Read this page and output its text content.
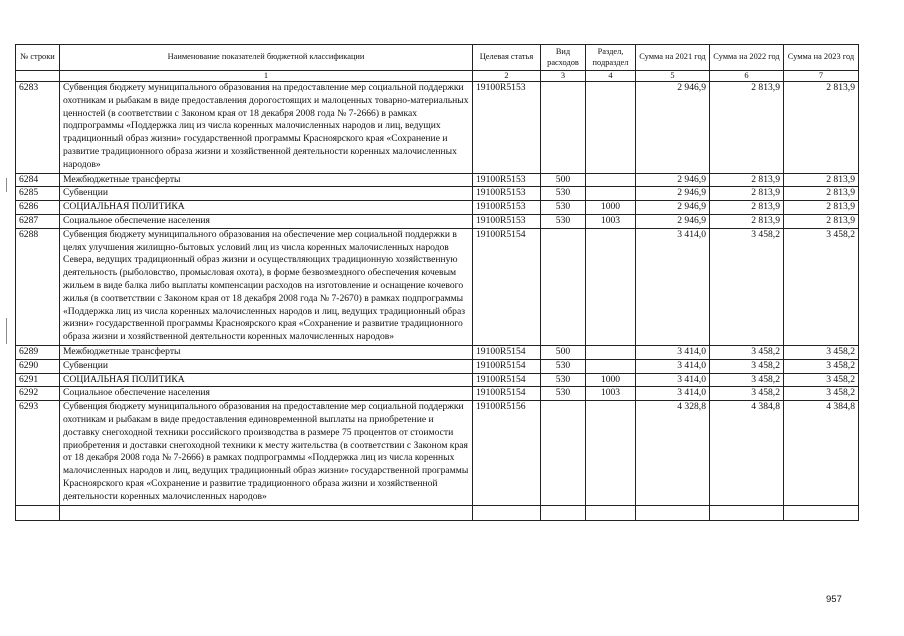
№ строки	Наименование показателей бюджетной классификации	Целевая статья	Вид расходов	Раздел, подраздел	Сумма на 2021 год	Сумма на 2022 год	Сумма на 2023 год
	1	2	3	4	5	6	7
6283	Субвенция бюджету муниципального образования на предоставление мер социальной поддержки охотникам и рыбакам в виде предоставления дорогостоящих и малоценных товарно-материальных ценностей (в соответствии с Законом края от 18 декабря 2008 года № 7-2666) в рамках подпрограммы «Поддержка лиц из числа коренных малочисленных народов и лиц, ведущих традиционный образ жизни» государственной программы Красноярского края «Сохранение и развитие традиционного образа жизни и хозяйственной деятельности коренных малочисленных народов»	19100R5153			2 946,9	2 813,9	2 813,9
6284	Межбюджетные трансферты	19100R5153	500		2 946,9	2 813,9	2 813,9
6285	Субвенции	19100R5153	530		2 946,9	2 813,9	2 813,9
6286	СОЦИАЛЬНАЯ ПОЛИТИКА	19100R5153	530	1000	2 946,9	2 813,9	2 813,9
6287	Социальное обеспечение населения	19100R5153	530	1003	2 946,9	2 813,9	2 813,9
6288	Субвенция бюджету муниципального образования на обеспечение мер социальной поддержки в целях улучшения жилищно-бытовых условий лиц из числа коренных малочисленных народов Севера, ведущих традиционный образ жизни и осуществляющих традиционную хозяйственную деятельность (рыболовство, промысловая охота), в форме безвозмездного обеспечения кочевым жильем в виде балка либо выплаты компенсации расходов на изготовление и оснащение кочевого жилья (в соответствии с Законом края от 18 декабря 2008 года № 7-2670) в рамках подпрограммы «Поддержка лиц из числа коренных малочисленных народов и лиц, ведущих традиционный образ жизни» государственной программы Красноярского края «Сохранение и развитие традиционного образа жизни и хозяйственной деятельности коренных малочисленных народов»	19100R5154			3 414,0	3 458,2	3 458,2
6289	Межбюджетные трансферты	19100R5154	500		3 414,0	3 458,2	3 458,2
6290	Субвенции	19100R5154	530		3 414,0	3 458,2	3 458,2
6291	СОЦИАЛЬНАЯ ПОЛИТИКА	19100R5154	530	1000	3 414,0	3 458,2	3 458,2
6292	Социальное обеспечение населения	19100R5154	530	1003	3 414,0	3 458,2	3 458,2
6293	Субвенция бюджету муниципального образования на предоставление мер социальной поддержки охотникам и рыбакам в виде предоставления единовременной выплаты на приобретение и доставку снегоходной техники российского производства в размере 75 процентов от стоимости приобретения и доставки снегоходной техники к месту жительства (в соответствии с Законом края от 18 декабря 2008 года № 7-2666) в рамках подпрограммы «Поддержка лиц из числа коренных малочисленных народов и лиц, ведущих традиционный образ жизни» государственной программы Красноярского края «Сохранение и развитие традиционного образа жизни и хозяйственной деятельности коренных малочисленных народов»	19100R5156			4 328,8	4 384,8	4 384,8

957
